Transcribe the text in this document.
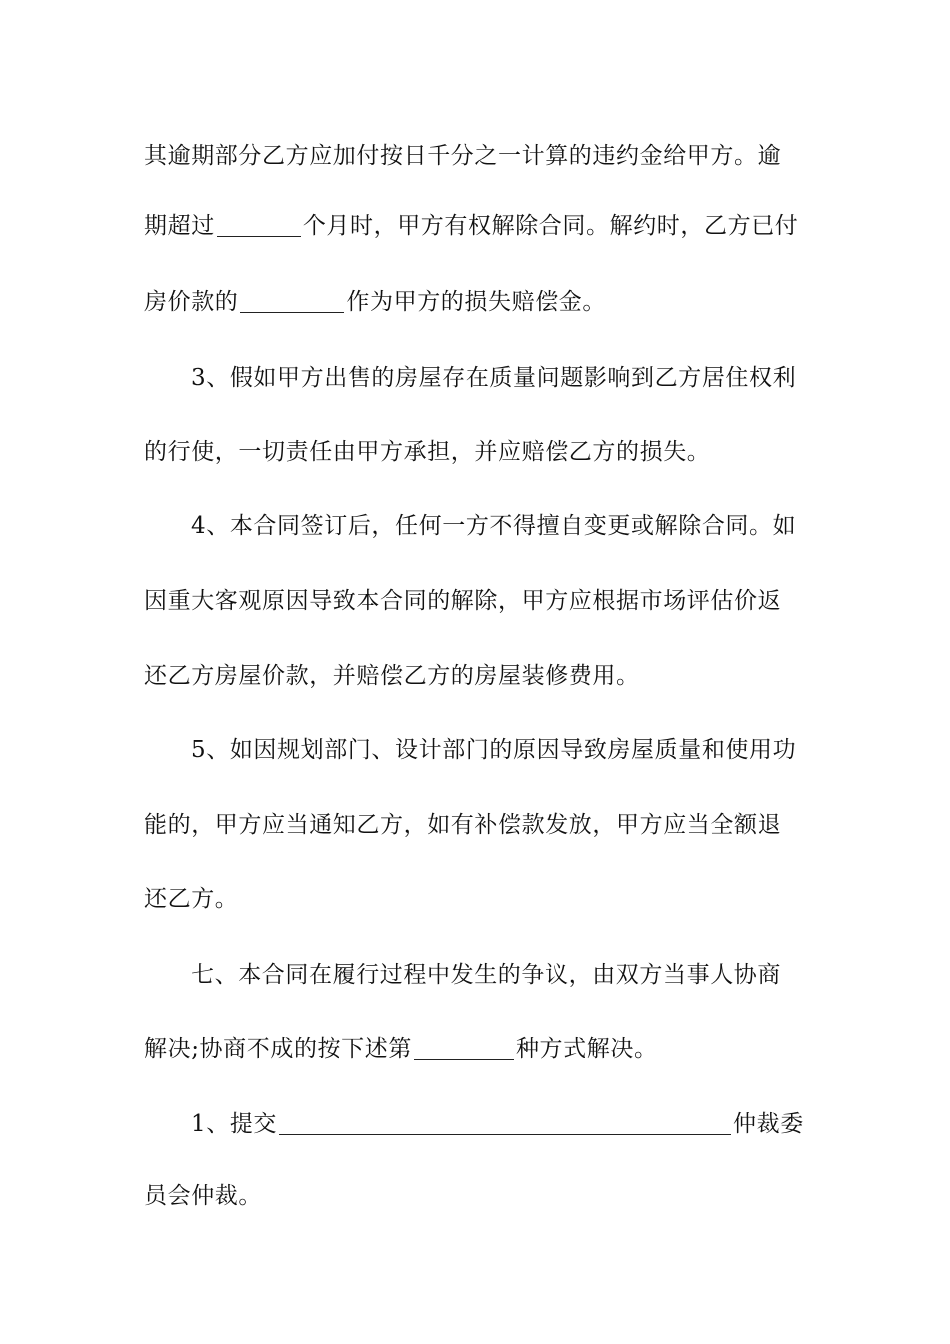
其逾期部分乙方应加付按日千分之一计算的违约金给甲方。逾
期超过	个月时，甲方有权解除合同。解约时，乙方已付
房价款的	作为甲方的损失赔偿金。
3、假如甲方出售的房屋存在质量问题影响到乙方居住权利
的行使，一切责任由甲方承担，并应赔偿乙方的损失。
4、本合同签订后，任何一方不得擅自变更或解除合同。如
因重大客观原因导致本合同的解除，甲方应根据市场评估价返
还乙方房屋价款，并赔偿乙方的房屋装修费用。
5、如因规划部门、设计部门的原因导致房屋质量和使用功
能的，甲方应当通知乙方，如有补偿款发放，甲方应当全额退
还乙方。
七、本合同在履行过程中发生的争议，由双方当事人协商
解决;协商不成的按下述第	种方式解决。
1、提交	仲裁委
员会仲裁。
